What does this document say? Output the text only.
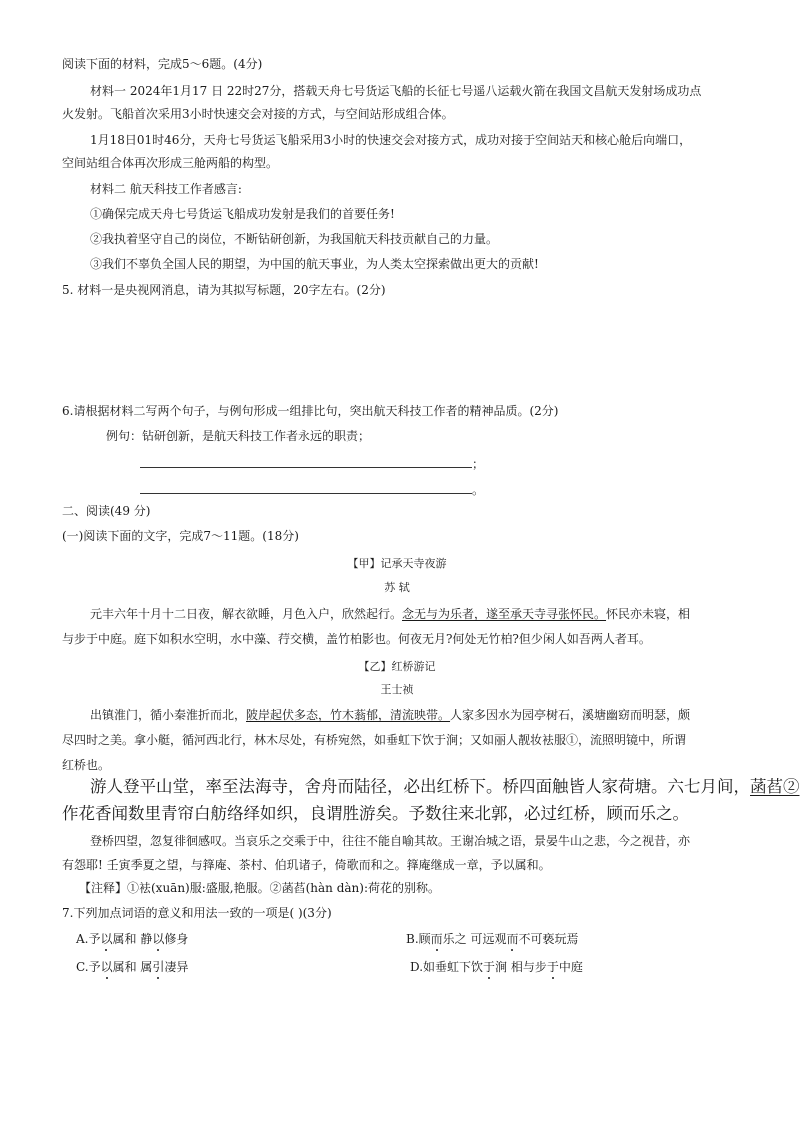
阅读下面的材料，完成5～6题。(4分)
材料一 2024年1月17 日 22时27分，搭载天舟七号货运飞船的长征七号遥八运载火箭在我国文昌航天发射场成功点
火发射。飞船首次采用3小时快速交会对接的方式，与空间站形成组合体。
1月18日01时46分，天舟七号货运飞船采用3小时的快速交会对接方式，成功对接于空间站天和核心舱后向端口，
空间站组合体再次形成三舱两船的构型。
材料二 航天科技工作者感言:
①确保完成天舟七号货运飞船成功发射是我们的首要任务!
②我执着坚守自己的岗位，不断钻研创新，为我国航天科技贡献自己的力量。
③我们不辜负全国人民的期望，为中国的航天事业，为人类太空探索做出更大的贡献!
5. 材料一是央视网消息，请为其拟写标题，20字左右。(2分)
6.请根据材料二写两个句子，与例句形成一组排比句，突出航天科技工作者的精神品质。(2分)
例句：钻研创新，是航天科技工作者永远的职责；
；
。
二、阅读(49 分)
(一)阅读下面的文字，完成7～11题。(18分)
【甲】记承天寺夜游
苏 轼
元丰六年十月十二日夜，解衣欲睡，月色入户，欣然起行。念无与为乐者，遂至承天寺寻张怀民。怀民亦未寝，相
与步于中庭。庭下如积水空明，水中藻、荇交横，盖竹柏影也。何夜无月?何处无竹柏?但少闲人如吾两人者耳。
【乙】红桥游记
王士祯
出镇淮门，循小秦淮折而北，陂岸起伏多态，竹木蓊郁，清流映带。人家多因水为园亭树石，溪塘幽窈而明瑟，颇
尽四时之美。拿小艇，循河西北行，林木尽处，有桥宛然，如垂虹下饮于涧；又如丽人靓妆袪服①，流照明镜中，所谓
红桥也。
游人登平山堂，率至法海寺，舍舟而陆径，必出红桥下。桥四面触皆人家荷塘。六七月间，菡萏②
作花香闻数里青帘白舫络绎如织，良谓胜游矣。予数往来北郭，必过红桥，顾而乐之。
登桥四望，忽复徘徊感叹。当哀乐之交乘于中，往往不能自喻其故。王谢冶城之语，景晏牛山之悲，今之视昔，亦
有怨耶! 壬寅季夏之望，与箨庵、茶村、伯玑诸子，倚歌而和之。箨庵继成一章，予以属和。
【注释】①袪(xuān)服:盛服,艳服。②菡萏(hàn dàn):荷花的别称。
7.下列加点词语的意义和用法一致的一项是( )(3分)
A.予以属和 静以修身	B.顾而乐之 可远观而不可亵玩焉
C.予以属和 属引凄异	D.如垂虹下饮于涧 相与步于中庭
